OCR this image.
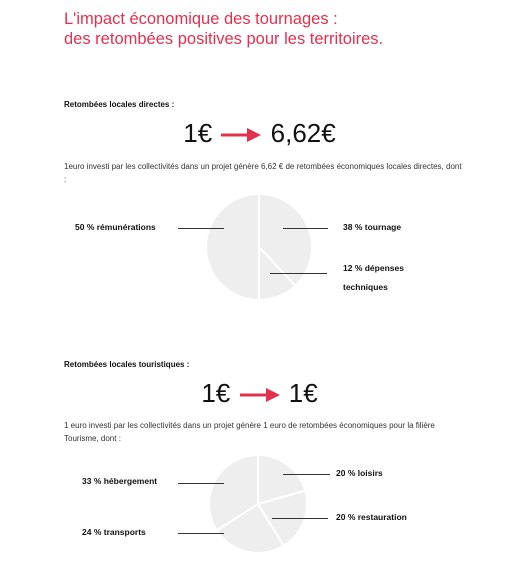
L'impact économique des tournages :
des retombées positives pour les territoires.
Retombées locales directes :
1€ 6,62€
1euro investi par les collectivités dans un projet génère 6,62 € de retombées économiques locales directes, dont :
50 % rémunérations	38 % tournage
12 % dépenses
techniques
Retombées locales touristiques :
1€ 1€
1 euro investi par les collectivités dans un projet génère 1 euro de retombées économiques pour la filière Tourisme, dont :
33 % hébergement
20 % loisirs
20 % restauration
24 % transports
